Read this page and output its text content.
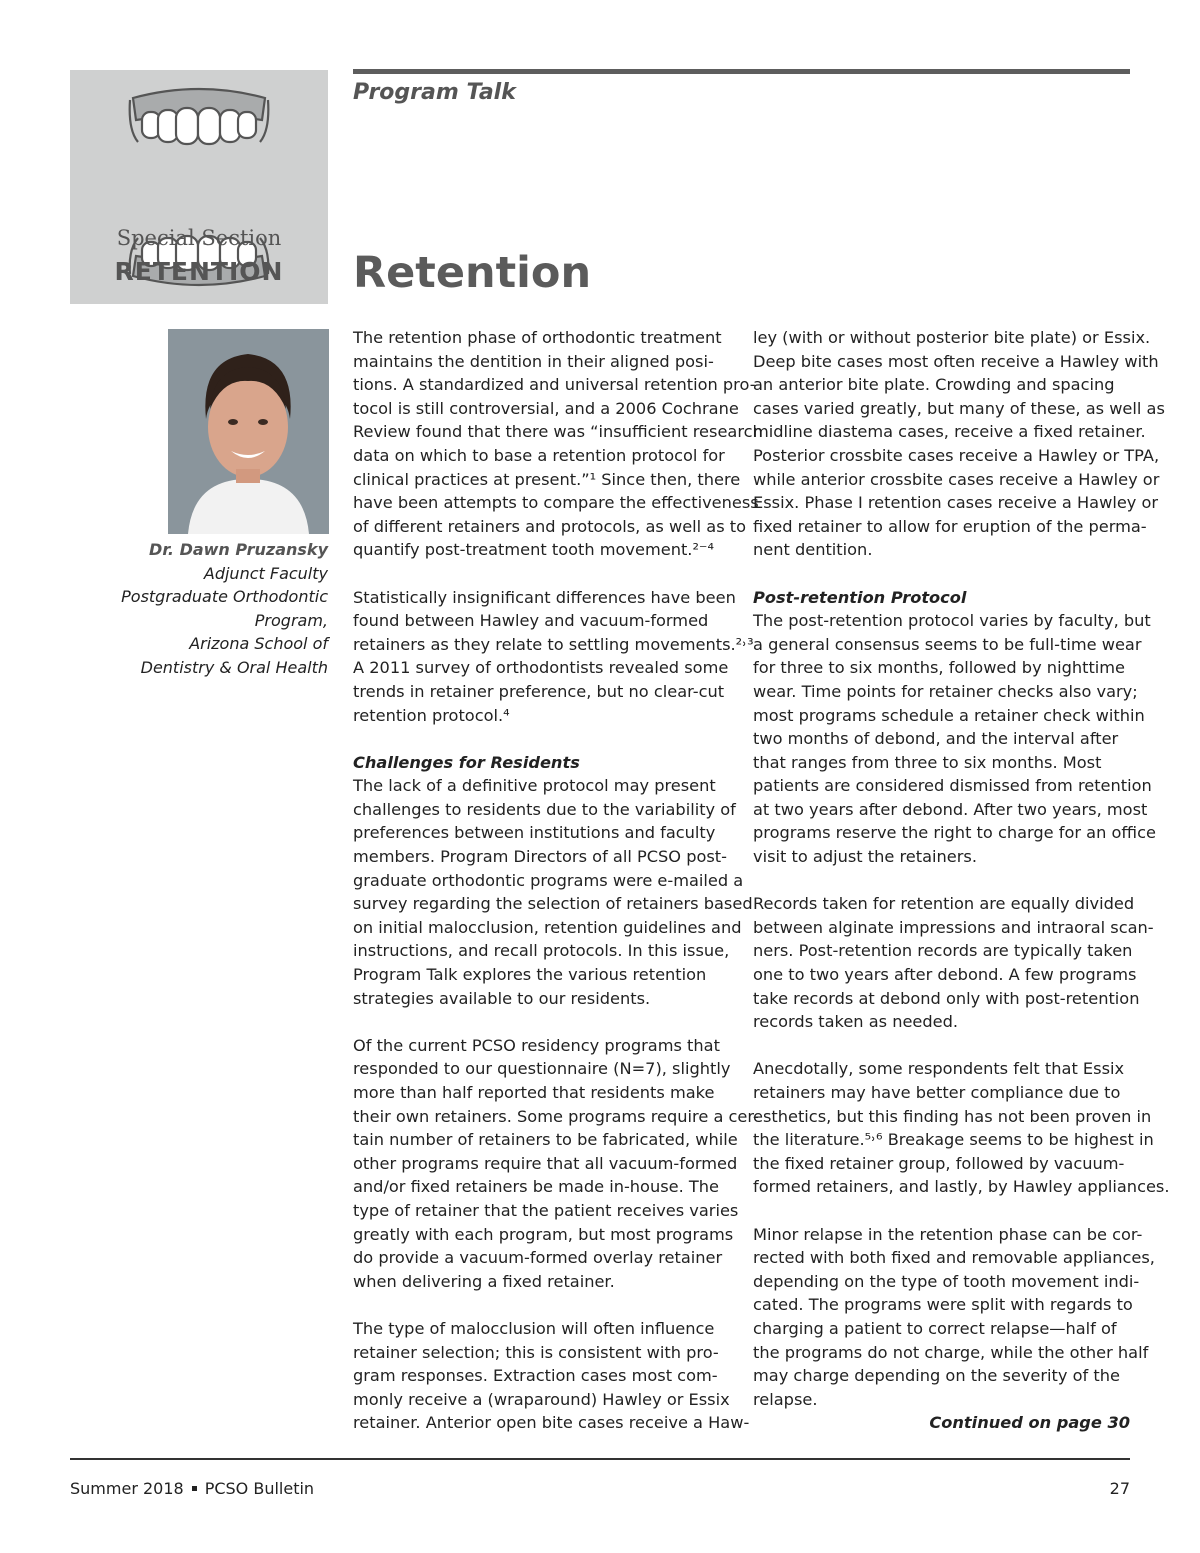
Program Talk
Special Section
RETENTION	Retention
Dr. Dawn Pruzansky
Adjunct Faculty
Postgraduate Orthodontic Program,
Arizona School of
Dentistry & Oral Health
The retention phase of orthodontic treatment
maintains the dentition in their aligned posi-
tions. A standardized and universal retention pro-
tocol is still controversial, and a 2006 Cochrane
Review found that there was “insufficient research
data on which to base a retention protocol for
clinical practices at present.”¹ Since then, there
have been attempts to compare the effectiveness
of different retainers and protocols, as well as to
quantify post-treatment tooth movement.²⁻⁴
Statistically insignificant differences have been
found between Hawley and vacuum-formed
retainers as they relate to settling movements.²˒³
A 2011 survey of orthodontists revealed some
trends in retainer preference, but no clear-cut
retention protocol.⁴
Challenges for Residents
The lack of a definitive protocol may present
challenges to residents due to the variability of
preferences between institutions and faculty
members. Program Directors of all PCSO post-
graduate orthodontic programs were e-mailed a
survey regarding the selection of retainers based
on initial malocclusion, retention guidelines and
instructions, and recall protocols. In this issue,
Program Talk explores the various retention
strategies available to our residents.
Of the current PCSO residency programs that
responded to our questionnaire (N=7), slightly
more than half reported that residents make
their own retainers. Some programs require a cer-
tain number of retainers to be fabricated, while
other programs require that all vacuum-formed
and/or fixed retainers be made in-house. The
type of retainer that the patient receives varies
greatly with each program, but most programs
do provide a vacuum-formed overlay retainer
when delivering a fixed retainer.
The type of malocclusion will often influence
retainer selection; this is consistent with pro-
gram responses. Extraction cases most com-
monly receive a (wraparound) Hawley or Essix
retainer. Anterior open bite cases receive a Haw-
ley (with or without posterior bite plate) or Essix.
Deep bite cases most often receive a Hawley with
an anterior bite plate. Crowding and spacing
cases varied greatly, but many of these, as well as
midline diastema cases, receive a fixed retainer.
Posterior crossbite cases receive a Hawley or TPA,
while anterior crossbite cases receive a Hawley or
Essix. Phase I retention cases receive a Hawley or
fixed retainer to allow for eruption of the perma-
nent dentition.
Post-retention Protocol
The post-retention protocol varies by faculty, but
a general consensus seems to be full-time wear
for three to six months, followed by nighttime
wear. Time points for retainer checks also vary;
most programs schedule a retainer check within
two months of debond, and the interval after
that ranges from three to six months. Most
patients are considered dismissed from retention
at two years after debond. After two years, most
programs reserve the right to charge for an office
visit to adjust the retainers.
Records taken for retention are equally divided
between alginate impressions and intraoral scan-
ners. Post-retention records are typically taken
one to two years after debond. A few programs
take records at debond only with post-retention
records taken as needed.
Anecdotally, some respondents felt that Essix
retainers may have better compliance due to
esthetics, but this finding has not been proven in
the literature.⁵˒⁶ Breakage seems to be highest in
the fixed retainer group, followed by vacuum-
formed retainers, and lastly, by Hawley appliances.
Minor relapse in the retention phase can be cor-
rected with both fixed and removable appliances,
depending on the type of tooth movement indi-
cated. The programs were split with regards to
charging a patient to correct relapse—half of
the programs do not charge, while the other half
may charge depending on the severity of the
relapse.
Continued on page 30
Summer 2018 PCSO Bulletin	27
